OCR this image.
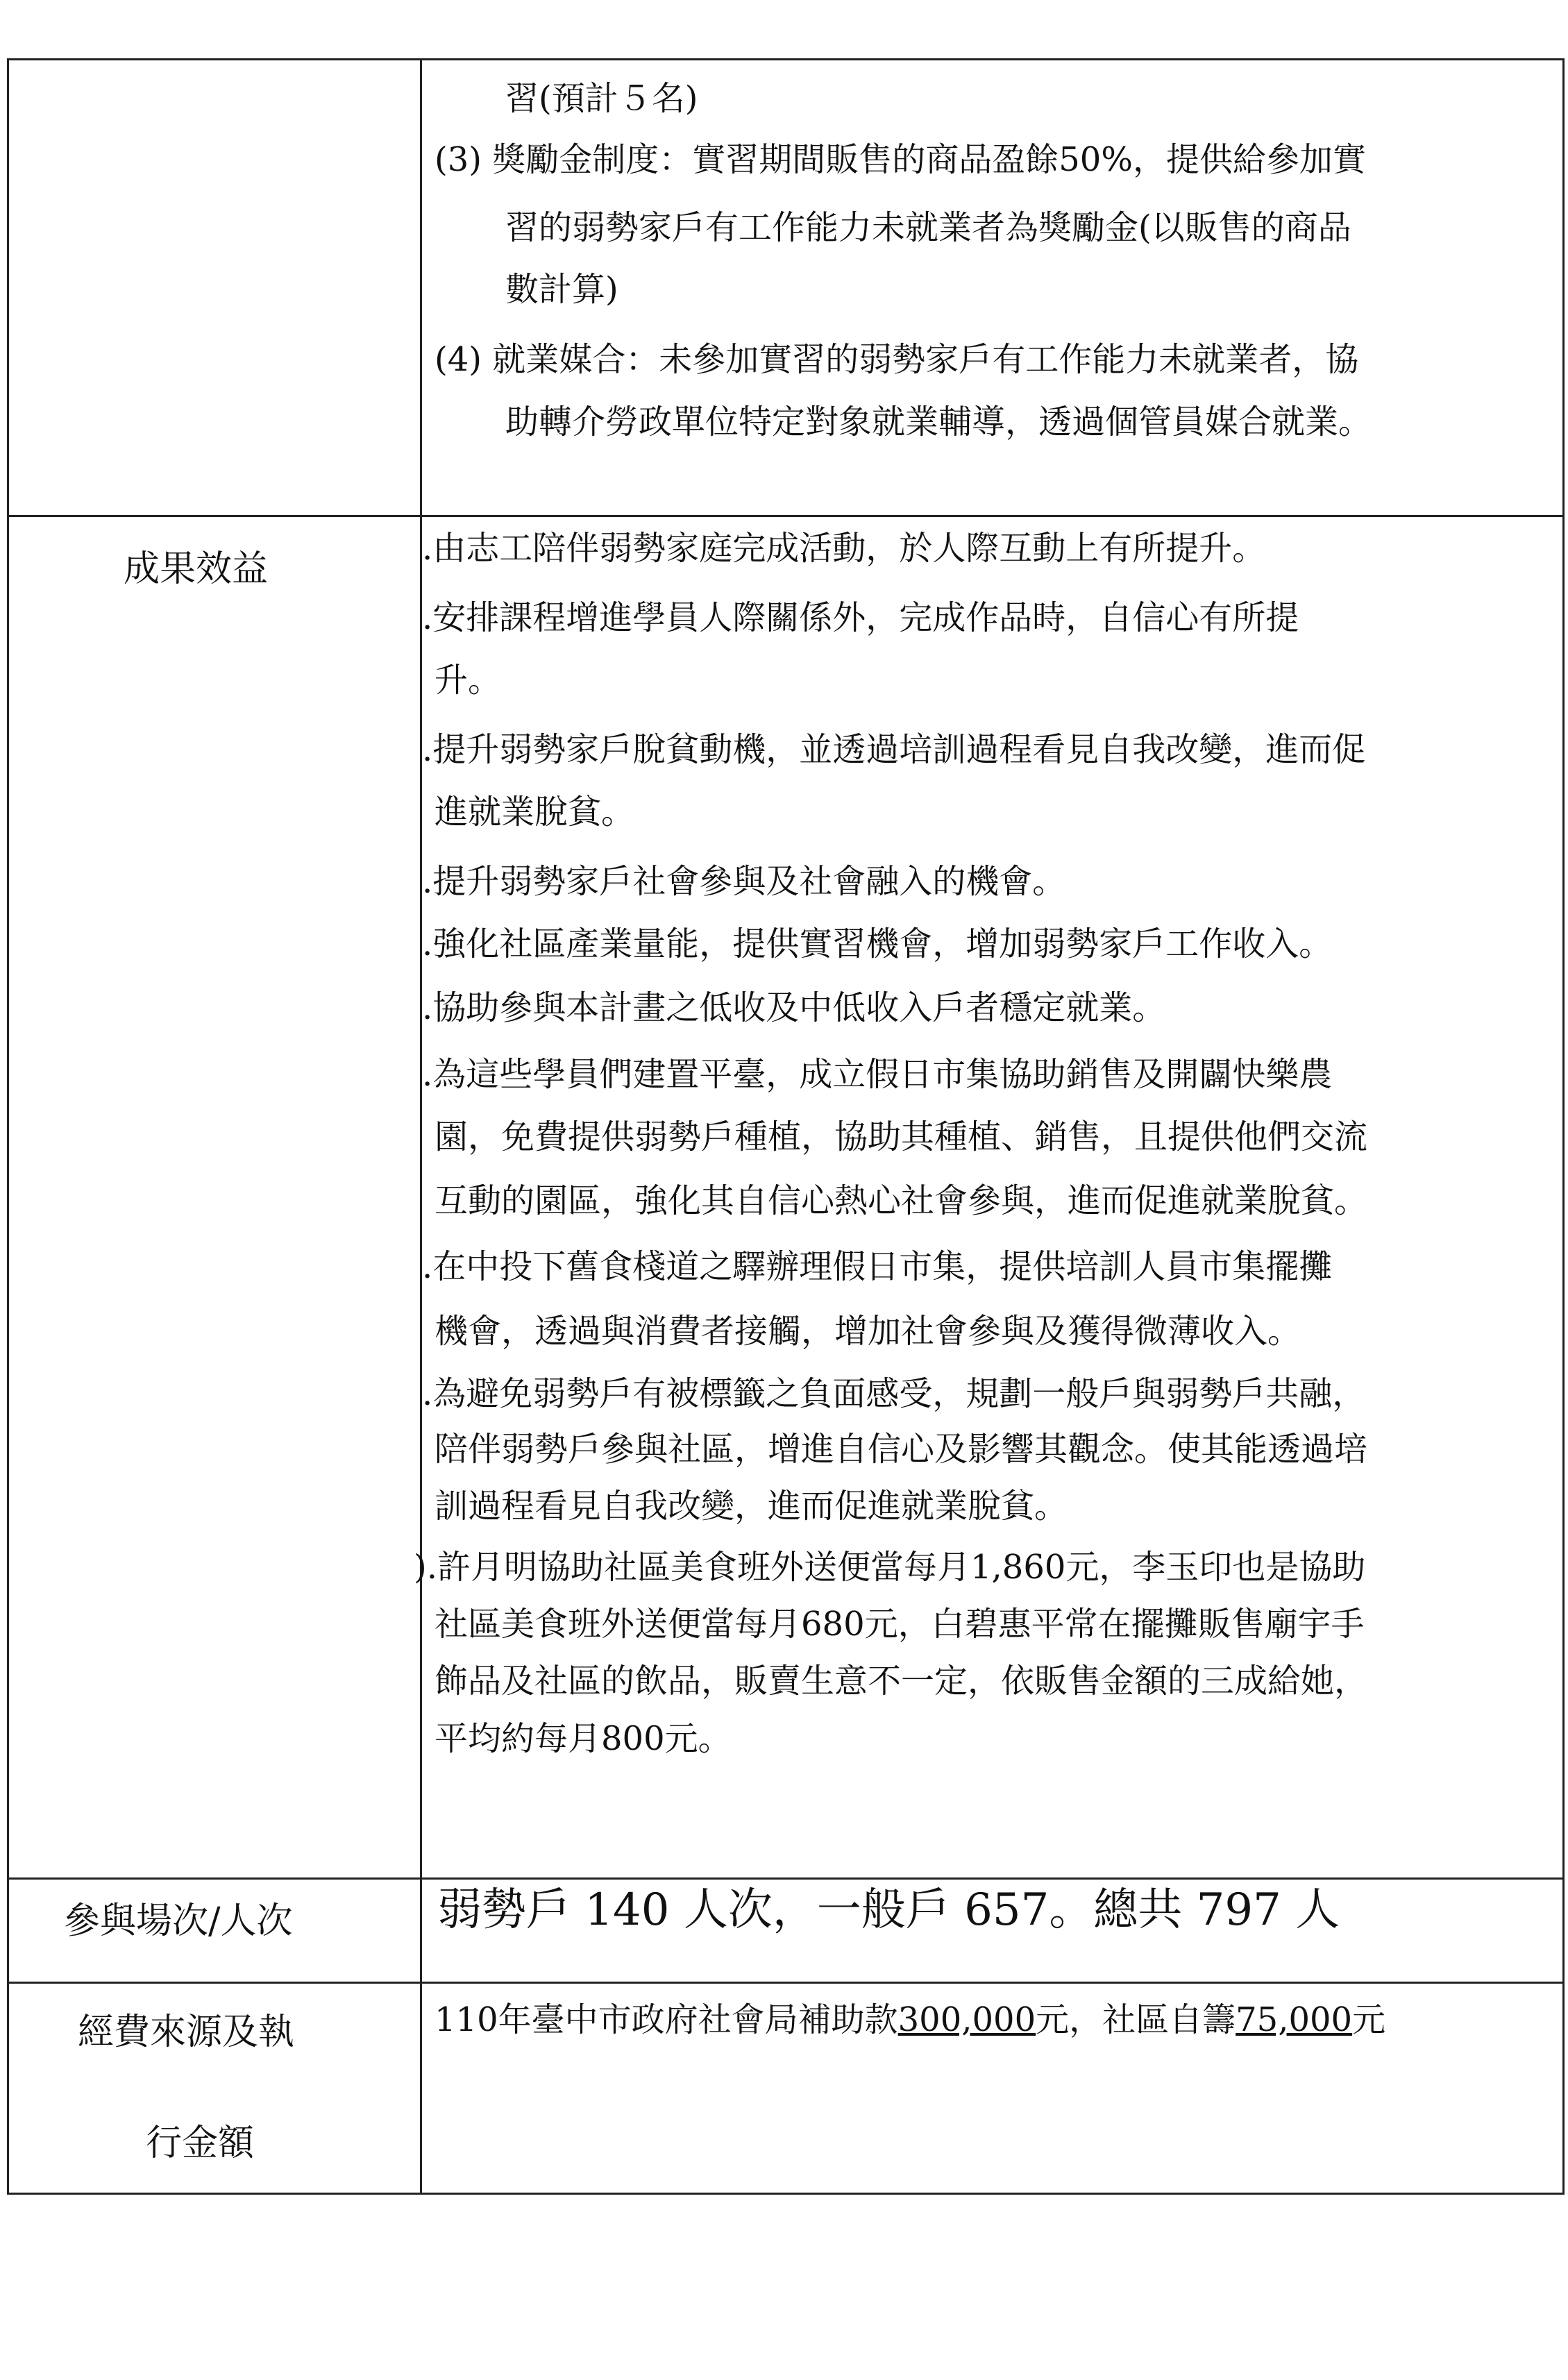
習(預計５名)
(3) 獎勵金制度：實習期間販售的商品盈餘50%，提供給參加實
習的弱勢家戶有工作能力未就業者為獎勵金(以販售的商品
數計算)
(4) 就業媒合：未參加實習的弱勢家戶有工作能力未就業者，協
助轉介勞政單位特定對象就業輔導，透過個管員媒合就業。
成果效益	.由志工陪伴弱勢家庭完成活動，於人際互動上有所提升。
.安排課程增進學員人際關係外，完成作品時，自信心有所提
升。
.提升弱勢家戶脫貧動機，並透過培訓過程看見自我改變，進而促
進就業脫貧。
.提升弱勢家戶社會參與及社會融入的機會。
.強化社區產業量能，提供實習機會，增加弱勢家戶工作收入。
.協助參與本計畫之低收及中低收入戶者穩定就業。
.為這些學員們建置平臺，成立假日市集協助銷售及開闢快樂農
園，免費提供弱勢戶種植，協助其種植、銷售，且提供他們交流
互動的園區，強化其自信心熱心社會參與，進而促進就業脫貧。
.在中投下舊食棧道之驛辦理假日市集，提供培訓人員市集擺攤
機會，透過與消費者接觸，增加社會參與及獲得微薄收入。
.為避免弱勢戶有被標籤之負面感受，規劃一般戶與弱勢戶共融，
陪伴弱勢戶參與社區，增進自信心及影響其觀念。使其能透過培
訓過程看見自我改變，進而促進就業脫貧。
).許月明協助社區美食班外送便當每月1,860元，李玉印也是協助
社區美食班外送便當每月680元，白碧惠平常在擺攤販售廟宇手
飾品及社區的飲品，販賣生意不一定，依販售金額的三成給她，
平均約每月800元。
參與場次/人次	弱勢戶 140 人次，一般戶 657。總共 797 人
經費來源及執
行金額
110年臺中市政府社會局補助款300,000元，社區自籌75,000元
